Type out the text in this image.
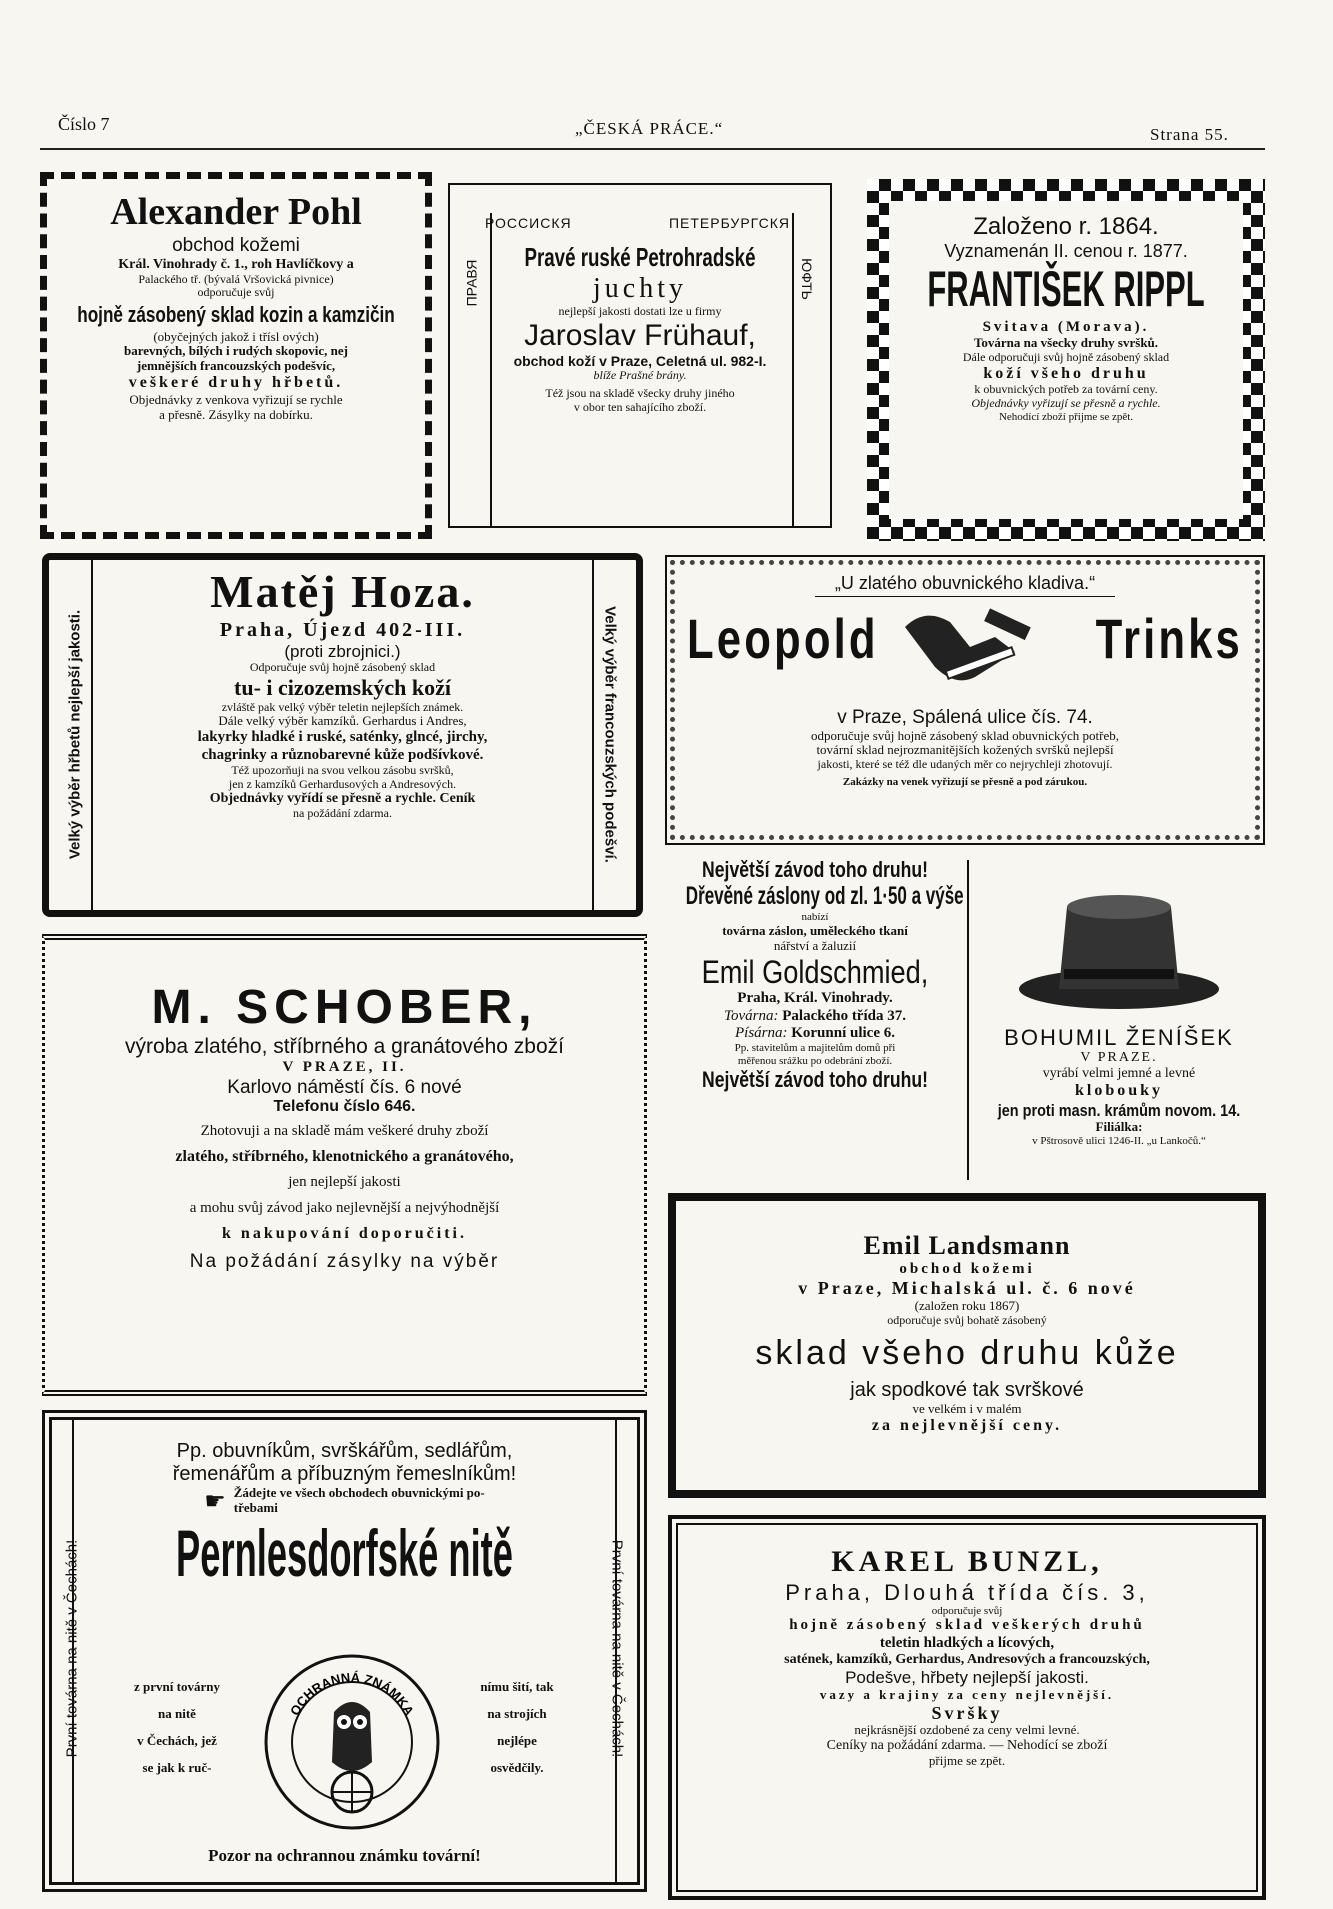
Číslo 7	„ČESKÁ PRÁCE.“	Strana 55.
Alexander Pohl
obchod kožemi
Král. Vinohrady č. 1., roh Havlíčkovy a
Palackého tř. (bývalá Vršovická pivnice)
odporučuje svůj
hojně zásobený sklad kozin a kamzičin
(obyčejných jakož i třísl ových)
barevných, bílých i rudých skopovic, nej
jemnějších francouzských podešvíc,
veškeré druhy hřbetů.
Objednávky z venkova vyřizují se rychle
a přesně. Zásylky na dobírku.
РОССИСКЯ	ПЕТЕРБУРГСКЯ
ПРАВЯ	ЮФТЬ
Pravé ruské Petrohradské
juchty
nejlepší jakosti dostati lze u firmy
Jaroslav Frühauf,
obchod koží v Praze, Celetná ul. 982-I.
blíže Prašné brány.
Též jsou na skladě všecky druhy jiného
v obor ten sahajícího zboží.
Založeno r. 1864.
Vyznamenán II. cenou r. 1877.
FRANTIŠEK RIPPL
Svitava (Morava).
Továrna na všecky druhy svršků.
Dále odporučuji svůj hojně zásobený sklad
koží všeho druhu
k obuvnických potřeb za tovární ceny.
Objednávky vyřizují se přesně a rychle.
Nehodící zboží přijme se zpět.
Velký výběr hřbetů nejlepší jakosti.	Velký výběr francouzských podešví.
Matěj Hoza.
Praha, Újezd 402-III.
(proti zbrojnici.)
Odporučuje svůj hojně zásobený sklad
tu- i cizozemských koží
zvláště pak velký výběr teletin nejlepších známek.
Dále velký výběr kamzíků. Gerhardus i Andres,
lakyrky hladké i ruské, saténky, glncé, jirchy,
chagrinky a různobarevné kůže podšívkové.
Též upozorňuji na svou velkou zásobu svršků,
jen z kamzíků Gerhardusových a Andresových.
Objednávky vyřídí se přesně a rychle. Ceník
na požádání zdarma.
„U zlatého obuvnického kladiva.“
Leopold	Trinks
v Praze, Spálená ulice čís. 74.
odporučuje svůj hojně zásobený sklad obuvnických potřeb,
tovární sklad nejrozmanitějších kožených svršků nejlepší
jakosti, které se též dle udaných měr co nejrychleji zhotovují.
Zakázky na venek vyřizují se přesně a pod zárukou.
M. SCHOBER,
výroba zlatého, stříbrného a granátového zboží
V PRAZE, II.
Karlovo náměstí čís. 6 nové
Telefonu číslo 646.
Zhotovuji a na skladě mám veškeré druhy zboží
zlatého, stříbrného, klenotnického a granátového,
jen nejlepší jakosti
a mohu svůj závod jako nejlevnější a nejvýhodnější
k nakupování doporučiti.
Na požádání zásylky na výběr
Největší závod toho druhu!
Dřevěné záslony od zl. 1·50 a výše
nabízí
továrna záslon, uměleckého tkaní
nářství a žaluzií
Emil Goldschmied,
Praha, Král. Vinohrady.
Továrna: Palackého třída 37.
Písárna: Korunní ulice 6.
Pp. stavitelům a majitelům domů při
měřenou srážku po odebrání zboží.
Největší závod toho druhu!
BOHUMIL ŽENÍŠEK
V PRAZE.
vyrábí velmi jemné a levné
klobouky
jen proti masn. krámům novom. 14.
Filiálka:
v Pštrosově ulici 1246-II. „u Lankočů.“
Emil Landsmann
obchod kožemi
v Praze, Michalská ul. č. 6 nové
(založen roku 1867)
odporučuje svůj bohatě zásobený
sklad všeho druhu kůže
jak spodkové tak svrškové
ve velkém i v malém
za nejlevnější ceny.
První továrna na nitě v Čechách!	První továrna na nitě v Čechách!
Pp. obuvníkům, svrškářům, sedlářům,
řemenářům a příbuzným řemeslníkům!
☛ Žádejte ve všech obchodech obuvnickými po-
třebami
Pernlesdorfské nitě
z první továrny
na nitě
v Čechách, jež
se jak k ruč-
OCHRANNÁ ZNÁMKA
nímu šití, tak
na strojích
nejlépe
osvědčily.
Pozor na ochrannou známku tovární!
KAREL BUNZL,
Praha, Dlouhá třída čís. 3,
odporučuje svůj
hojně zásobený sklad veškerých druhů
teletin hladkých a lícových,
satének, kamzíků, Gerhardus, Andresových a francouzských,
Podešve, hřbety nejlepší jakosti.
vazy a krajiny za ceny nejlevnější.
Svršky
nejkrásnější ozdobené za ceny velmi levné.
Ceníky na požádání zdarma. — Nehodící se zboží
přijme se zpět.
